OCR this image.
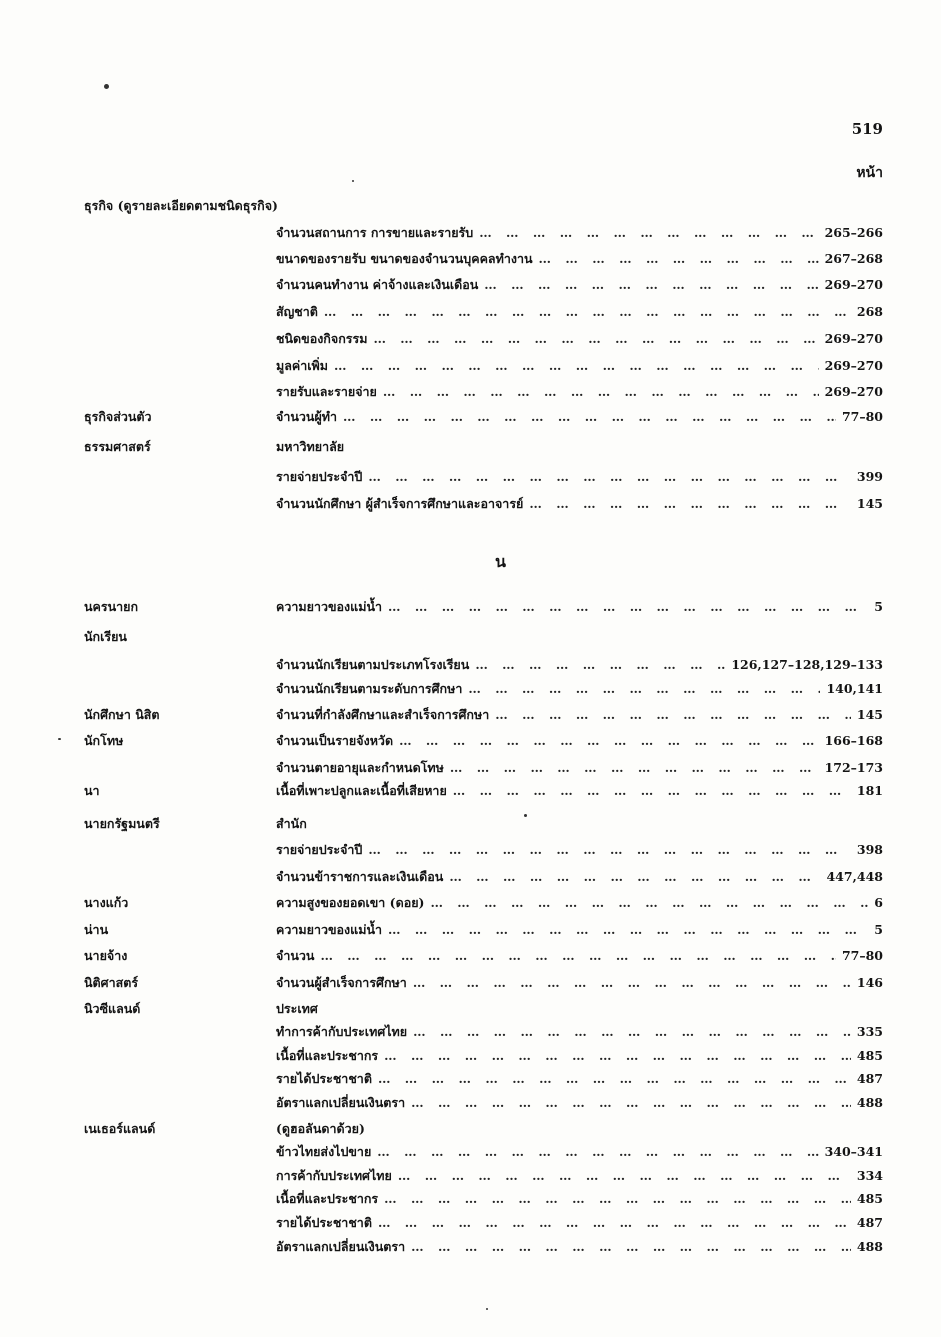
519
หน้า
น
ธุรกิจ (ดูรายละเอียดตามชนิดธุรกิจ)
จำนวนสถานการ การขายและรายรับ … … … … … … … … … … … … … … … … … … … … … … … … … … … …	265–266
ขนาดของรายรับ ขนาดของจำนวนบุคคลทำงาน … … … … … … … … … … … … … … … … … … … … … … … … … … … …	267–268
จำนวนคนทำงาน ค่าจ้างและเงินเดือน … … … … … … … … … … … … … … … … … … … … … … … … … … … …	269–270
สัญชาติ … … … … … … … … … … … … … … … … … … … … … … … … … … … …	268
ชนิดของกิจกรรม … … … … … … … … … … … … … … … … … … … … … … … … … … … …	269–270
มูลค่าเพิ่ม … … … … … … … … … … … … … … … … … … … … … … … … … … … …	269–270
รายรับและรายจ่าย … … … … … … … … … … … … … … … … … … … … … … … … … … … …	269–270
ธุรกิจส่วนตัว	จำนวนผู้ทำ … … … … … … … … … … … … … … … … … … … … … … … … … … … …	77–80
ธรรมศาสตร์	มหาวิทยาลัย
รายจ่ายประจำปี … … … … … … … … … … … … … … … … … … … … … … … … … … … …	399
จำนวนนักศึกษา ผู้สำเร็จการศึกษาและอาจารย์ … … … … … … … … … … … … … … … … … … … … … … … … … … … …	145
นครนายก	ความยาวของแม่น้ำ … … … … … … … … … … … … … … … … … … … … … … … … … … … …	5
นักเรียน
จำนวนนักเรียนตามประเภทโรงเรียน … … … … … … … … … … … … … … … … … … … … … … … … … … … …	126,127–128,129–133
จำนวนนักเรียนตามระดับการศึกษา … … … … … … … … … … … … … … … … … … … … … … … … … … … …	140,141
นักศึกษา นิสิต	จำนวนที่กำลังศึกษาและสำเร็จการศึกษา … … … … … … … … … … … … … … … … … … … … … … … … … … … …	145
นักโทษ	จำนวนเป็นรายจังหวัด … … … … … … … … … … … … … … … … … … … … … … … … … … … …	166–168
จำนวนตายอายุและกำหนดโทษ … … … … … … … … … … … … … … … … … … … … … … … … … … … …	172–173
นา	เนื้อที่เพาะปลูกและเนื้อที่เสียหาย … … … … … … … … … … … … … … … … … … … … … … … … … … … …	181
นายกรัฐมนตรี	สำนัก
รายจ่ายประจำปี … … … … … … … … … … … … … … … … … … … … … … … … … … … …	398
จำนวนข้าราชการและเงินเดือน … … … … … … … … … … … … … … … … … … … … … … … … … … … …	447,448
นางแก้ว	ความสูงของยอดเขา (ดอย) … … … … … … … … … … … … … … … … … … … … … … … … … … … …	6
น่าน	ความยาวของแม่น้ำ … … … … … … … … … … … … … … … … … … … … … … … … … … … …	5
นายจ้าง	จำนวน … … … … … … … … … … … … … … … … … … … … … … … … … … … …	77–80
นิติศาสตร์	จำนวนผู้สำเร็จการศึกษา … … … … … … … … … … … … … … … … … … … … … … … … … … … …	146
นิวซีแลนด์	ประเทศ
ทำการค้ากับประเทศไทย … … … … … … … … … … … … … … … … … … … … … … … … … … … …	335
เนื้อที่และประชากร … … … … … … … … … … … … … … … … … … … … … … … … … … … …	485
รายได้ประชาชาติ … … … … … … … … … … … … … … … … … … … … … … … … … … … …	487
อัตราแลกเปลี่ยนเงินตรา … … … … … … … … … … … … … … … … … … … … … … … … … … … …	488
เนเธอร์แลนด์	(ดูฮอลันดาด้วย)
ข้าวไทยส่งไปขาย … … … … … … … … … … … … … … … … … … … … … … … … … … … …	340–341
การค้ากับประเทศไทย … … … … … … … … … … … … … … … … … … … … … … … … … … … …	334
เนื้อที่และประชากร … … … … … … … … … … … … … … … … … … … … … … … … … … … …	485
รายได้ประชาชาติ … … … … … … … … … … … … … … … … … … … … … … … … … … … …	487
อัตราแลกเปลี่ยนเงินตรา … … … … … … … … … … … … … … … … … … … … … … … … … … … …	488
